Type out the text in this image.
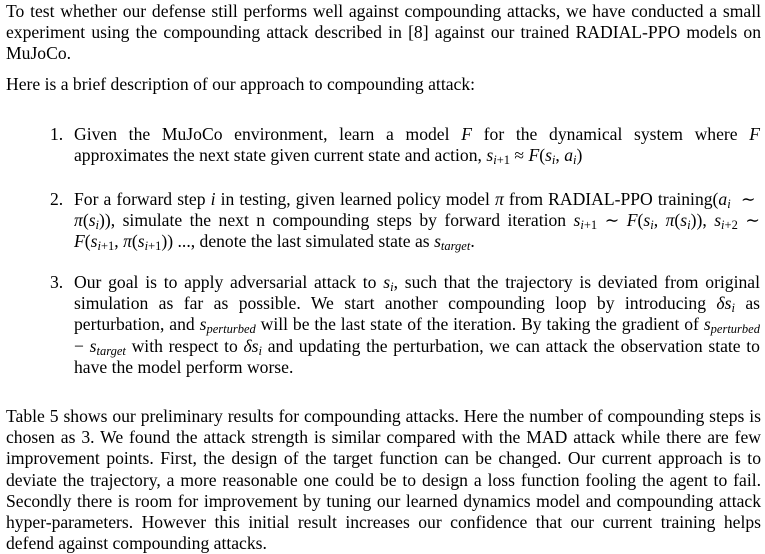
To test whether our defense still performs well against compounding attacks, we have conducted a small experiment using the compounding attack described in [8] against our trained RADIAL-PPO models on MuJoCo.
Here is a brief description of our approach to compounding attack:
1. Given the MuJoCo environment, learn a model F for the dynamical system where F approximates the next state given current state and action, $s_{i+1} \approx F(s_i$, $a_i$)
2. For a forward step i in testing, given learned policy model π from RADIAL-PPO $training(a_i$  ∼  $\pi(s_i)$), simulate the next n compounding steps by forward iteration $s_{i+1}$ ∼ $F(s_i$, $\pi(s_i)$), $s_{i+2}$ ∼ $F(s_{i+1}$, $\pi(s_{i+1})$) ..., denote the last simulated state as $s_{target}$.
3. Our goal is to apply adversarial attack to $s_i$, such that the trajectory is deviated from original simulation as far as possible. We start another compounding loop by introducing $\delta s_i$ as perturbation, and $s_{perturbed}$ will be the last state of the iteration. By taking the gradient of $s_{perturbed} - s_{target}$ with respect to $\delta s_i$ and updating the perturbation, we can attack the observation state to have the model perform worse.
Table 5 shows our preliminary results for compounding attacks. Here the number of compounding steps is chosen as 3. We found the attack strength is similar compared with the MAD attack while there are few improvement points. First, the design of the target function can be changed. Our current approach is to deviate the trajectory, a more reasonable one could be to design a loss function fooling the agent to fail. Secondly there is room for improvement by tuning our learned dynamics model and compounding attack hyper-parameters. However this initial result increases our confidence that our current training helps defend against compounding attacks.
